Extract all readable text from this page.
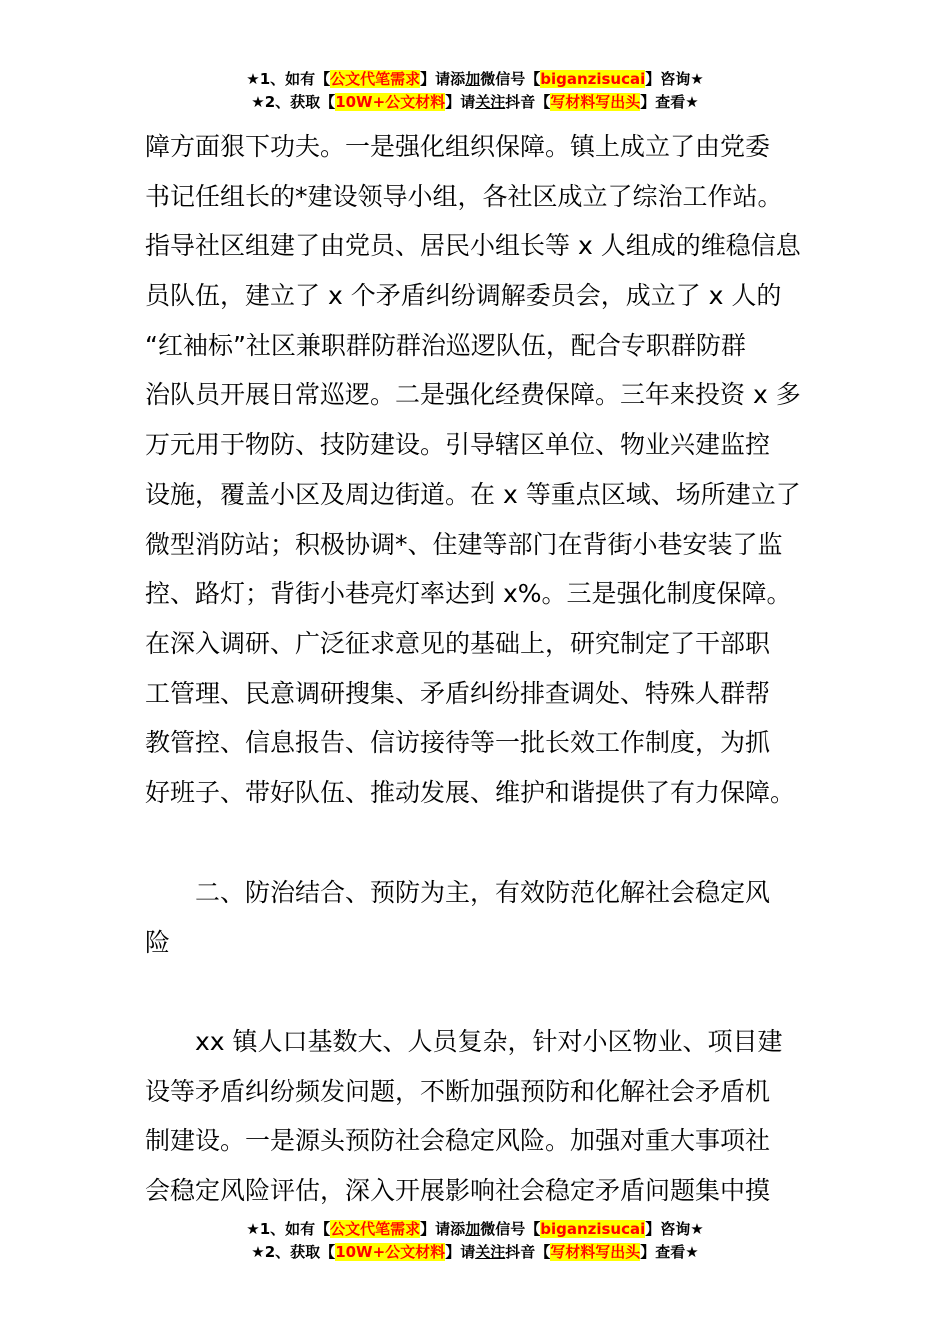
★1、如有【公文代笔需求】请添加微信号【biganzisucai】咨询★
★2、获取【10W+公文材料】请关注抖音【写材料写出头】查看★
障方面狠下功夫。一是强化组织保障。镇上成立了由党委
书记任组长的*建设领导小组，各社区成立了综治工作站。
指导社区组建了由党员、居民小组长等 x 人组成的维稳信息
员队伍，建立了 x 个矛盾纠纷调解委员会，成立了 x 人的
“红袖标”社区兼职群防群治巡逻队伍，配合专职群防群
治队员开展日常巡逻。二是强化经费保障。三年来投资 x 多
万元用于物防、技防建设。引导辖区单位、物业兴建监控
设施，覆盖小区及周边街道。在 x 等重点区域、场所建立了
微型消防站；积极协调*、住建等部门在背街小巷安装了监
控、路灯；背街小巷亮灯率达到 x%。三是强化制度保障。
在深入调研、广泛征求意见的基础上，研究制定了干部职
工管理、民意调研搜集、矛盾纠纷排查调处、特殊人群帮
教管控、信息报告、信访接待等一批长效工作制度，为抓
好班子、带好队伍、推动发展、维护和谐提供了有力保障。
　　二、防治结合、预防为主，有效防范化解社会稳定风
险
　　xx 镇人口基数大、人员复杂，针对小区物业、项目建
设等矛盾纠纷频发问题，不断加强预防和化解社会矛盾机
制建设。一是源头预防社会稳定风险。加强对重大事项社
会稳定风险评估，深入开展影响社会稳定矛盾问题集中摸
★1、如有【公文代笔需求】请添加微信号【biganzisucai】咨询★
★2、获取【10W+公文材料】请关注抖音【写材料写出头】查看★
